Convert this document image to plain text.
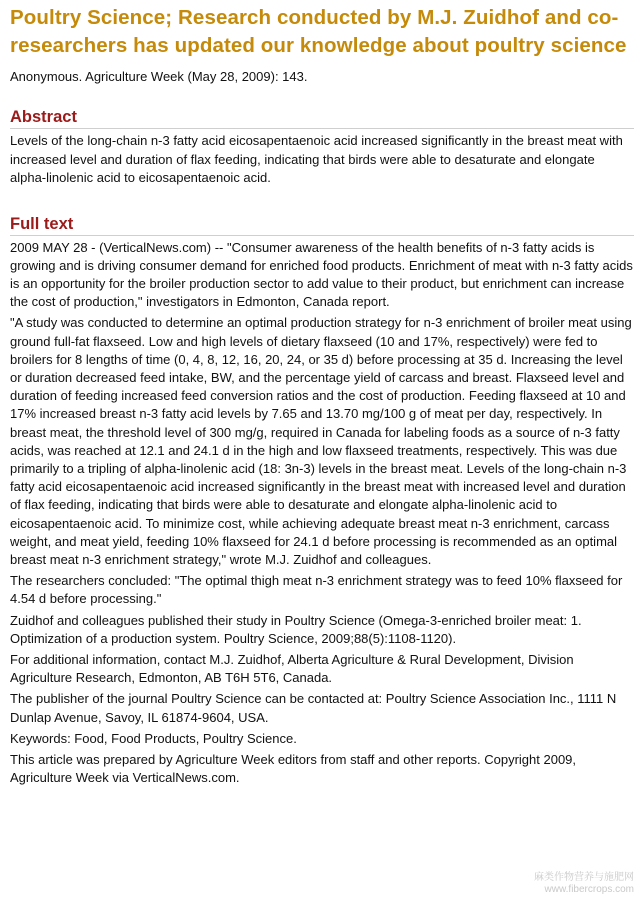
Poultry Science; Research conducted by M.J. Zuidhof and co-researchers has updated our knowledge about poultry science
Anonymous. Agriculture Week (May 28, 2009): 143.
Abstract
Levels of the long-chain n-3 fatty acid eicosapentaenoic acid increased significantly in the breast meat with increased level and duration of flax feeding, indicating that birds were able to desaturate and elongate alpha-linolenic acid to eicosapentaenoic acid.
Full text

2009 MAY 28 - (VerticalNews.com) -- "Consumer awareness of the health benefits of n-3 fatty acids is growing and is driving consumer demand for enriched food products. Enrichment of meat with n-3 fatty acids is an opportunity for the broiler production sector to add value to their product, but enrichment can increase the cost of production," investigators in Edmonton, Canada report.

"A study was conducted to determine an optimal production strategy for n-3 enrichment of broiler meat using ground full-fat flaxseed. Low and high levels of dietary flaxseed (10 and 17%, respectively) were fed to broilers for 8 lengths of time (0, 4, 8, 12, 16, 20, 24, or 35 d) before processing at 35 d. Increasing the level or duration decreased feed intake, BW, and the percentage yield of carcass and breast. Flaxseed level and duration of feeding increased feed conversion ratios and the cost of production. Feeding flaxseed at 10 and 17% increased breast n-3 fatty acid levels by 7.65 and 13.70 mg/100 g of meat per day, respectively. In breast meat, the threshold level of 300 mg/g, required in Canada for labeling foods as a source of n-3 fatty acids, was reached at 12.1 and 24.1 d in the high and low flaxseed treatments, respectively. This was due primarily to a tripling of alpha-linolenic acid (18: 3n-3) levels in the breast meat. Levels of the long-chain n-3 fatty acid eicosapentaenoic acid increased significantly in the breast meat with increased level and duration of flax feeding, indicating that birds were able to desaturate and elongate alpha-linolenic acid to eicosapentaenoic acid. To minimize cost, while achieving adequate breast meat n-3 enrichment, carcass weight, and meat yield, feeding 10% flaxseed for 24.1 d before processing is recommended as an optimal breast meat n-3 enrichment strategy," wrote M.J. Zuidhof and colleagues.

The researchers concluded: "The optimal thigh meat n-3 enrichment strategy was to feed 10% flaxseed for 4.54 d before processing."

Zuidhof and colleagues published their study in Poultry Science (Omega-3-enriched broiler meat: 1. Optimization of a production system. Poultry Science, 2009;88(5):1108-1120).

For additional information, contact M.J. Zuidhof, Alberta Agriculture & Rural Development, Division Agriculture Research, Edmonton, AB T6H 5T6, Canada.

The publisher of the journal Poultry Science can be contacted at: Poultry Science Association Inc., 1111 N Dunlap Avenue, Savoy, IL 61874-9604, USA.

Keywords: Food, Food Products, Poultry Science.

This article was prepared by Agriculture Week editors from staff and other reports. Copyright 2009, Agriculture Week via VerticalNews.com.

麻类作物营养与施肥网
www.fibercrops.com
